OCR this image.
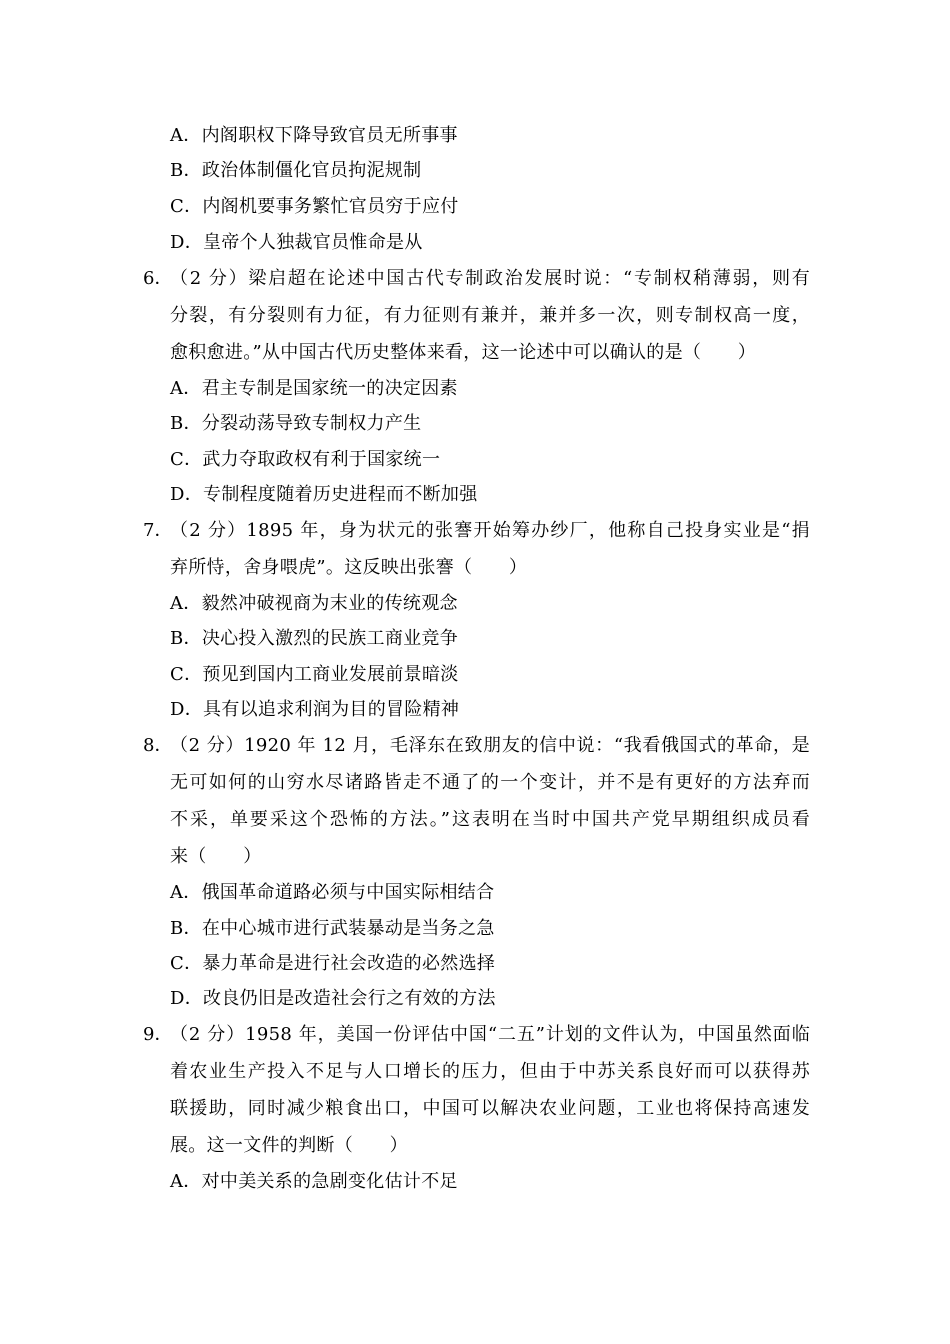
A．内阁职权下降导致官员无所事事
B．政治体制僵化官员拘泥规制
C．内阁机要事务繁忙官员穷于应付
D．皇帝个人独裁官员惟命是从
6．
（2 分）梁启超在论述中国古代专制政治发展时说：“专制权稍薄弱，则有
分裂，有分裂则有力征，有力征则有兼并，兼并多一次，则专制权高一度，
愈积愈进。”从中国古代历史整体来看，这一论述中可以确认的是（　　）
A．君主专制是国家统一的决定因素
B．分裂动荡导致专制权力产生
C．武力夺取政权有利于国家统一
D．专制程度随着历史进程而不断加强
7．
（2 分）1895 年，身为状元的张謇开始筹办纱厂，他称自己投身实业是“捐
弃所恃，舍身喂虎”。这反映出张謇（　　）
A．毅然冲破视商为末业的传统观念
B．决心投入激烈的民族工商业竞争
C．预见到国内工商业发展前景暗淡
D．具有以追求利润为目的冒险精神
8．
（2 分）1920 年 12 月，毛泽东在致朋友的信中说：“我看俄国式的革命，是
无可如何的山穷水尽诸路皆走不通了的一个变计，并不是有更好的方法弃而
不采，单要采这个恐怖的方法。”这表明在当时中国共产党早期组织成员看
来（　　）
A．俄国革命道路必须与中国实际相结合
B．在中心城市进行武装暴动是当务之急
C．暴力革命是进行社会改造的必然选择
D．改良仍旧是改造社会行之有效的方法
9．
（2 分）1958 年，美国一份评估中国“二五”计划的文件认为，中国虽然面临
着农业生产投入不足与人口增长的压力，但由于中苏关系良好而可以获得苏
联援助，同时减少粮食出口，中国可以解决农业问题，工业也将保持高速发
展。这一文件的判断（　　）
A．对中美关系的急剧变化估计不足
